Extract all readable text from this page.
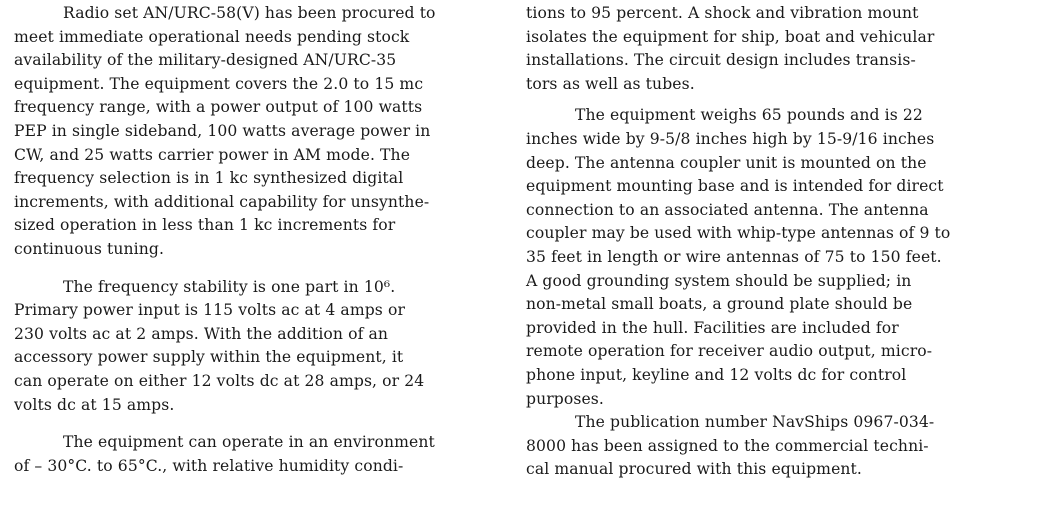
Radio set AN/URC-58(V) has been procured to
meet immediate operational needs pending stock
availability of the military-designed AN/URC-35
equipment. The equipment covers the 2.0 to 15 mc
frequency range, with a power output of 100 watts
PEP in single sideband, 100 watts average power in
CW, and 25 watts carrier power in AM mode. The
frequency selection is in 1 kc synthesized digital
increments, with additional capability for unsynthe-
sized operation in less than 1 kc increments for
continuous tuning.
The frequency stability is one part in 10⁶.
Primary power input is 115 volts ac at 4 amps or
230 volts ac at 2 amps. With the addition of an
accessory power supply within the equipment, it
can operate on either 12 volts dc at 28 amps, or 24
volts dc at 15 amps.
The equipment can operate in an environment
of – 30°C. to 65°C., with relative humidity condi-
tions to 95 percent. A shock and vibration mount
isolates the equipment for ship, boat and vehicular
installations. The circuit design includes transis-
tors as well as tubes.
The equipment weighs 65 pounds and is 22
inches wide by 9-5/8 inches high by 15-9/16 inches
deep. The antenna coupler unit is mounted on the
equipment mounting base and is intended for direct
connection to an associated antenna. The antenna
coupler may be used with whip-type antennas of 9 to
35 feet in length or wire antennas of 75 to 150 feet.
A good grounding system should be supplied; in
non-metal small boats, a ground plate should be
provided in the hull. Facilities are included for
remote operation for receiver audio output, micro-
phone input, keyline and 12 volts dc for control
purposes.
The publication number NavShips 0967-034-
8000 has been assigned to the commercial techni-
cal manual procured with this equipment.
